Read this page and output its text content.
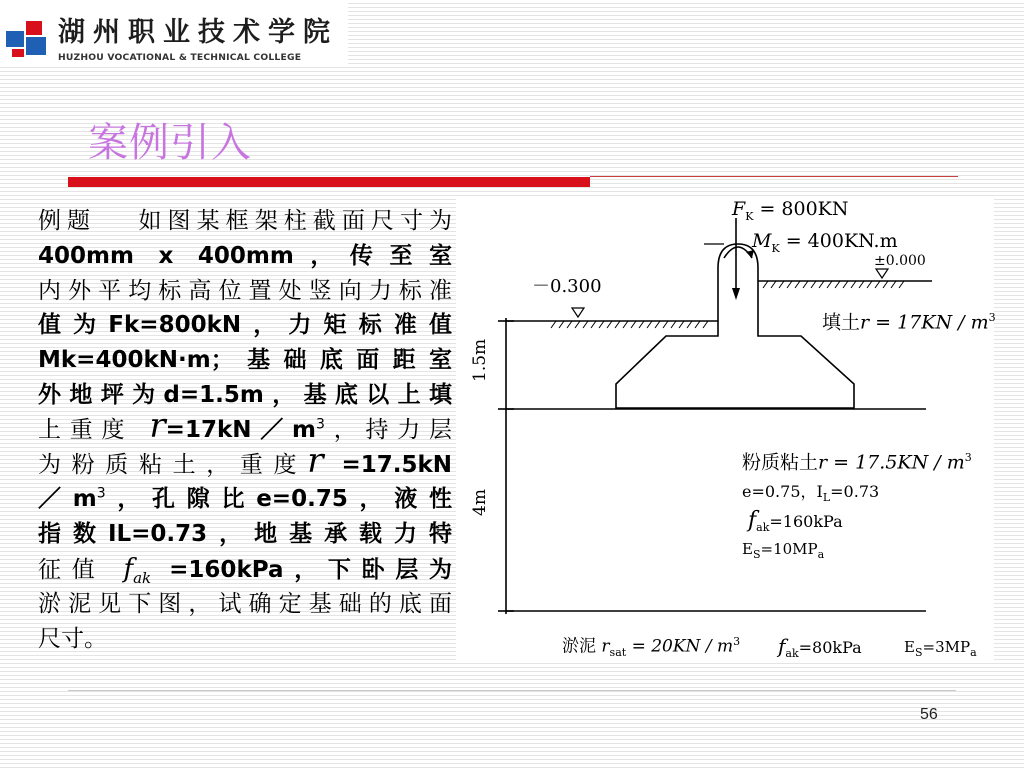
湖州职业技术学院
HUZHOU VOCATIONAL & TECHNICAL COLLEGE
案例引入
例题　 如图某框架柱截面尺寸为
400mm x 400mm，传至室
内外平均标高位置处竖向力标准
值为Fk=800kN，力矩标准值
Mk=400kN·m；基础底面距室
外地坪为d=1.5m，基底以上填
上重度 $r=17kN/m^3$，持力层
为粉质粘土，重度r =17.5kN
$/m^3$，孔隙比e=0.75，液性
指数IL=0.73，地基承载力特
征值 $f_{ak} =160kPa$，下卧层为
淤泥见下图，试确定基础的底面
尺寸。
$F_K = 800KN$
$M_K = 400KN.m$
±0.000
－0.300
填土$r = 17KN / m^3$
1.5m
4m
粉质粘土$r = 17.5KN / m^3$
e=0.75，$I_L=0.73$
$f_{ak}=160kPa$
$E_S=10MP_a$
淤泥 $r_{sat} = 20KN / m^3$ $f_{ak}=80kPa$	$E_S=3MP_a$
56
